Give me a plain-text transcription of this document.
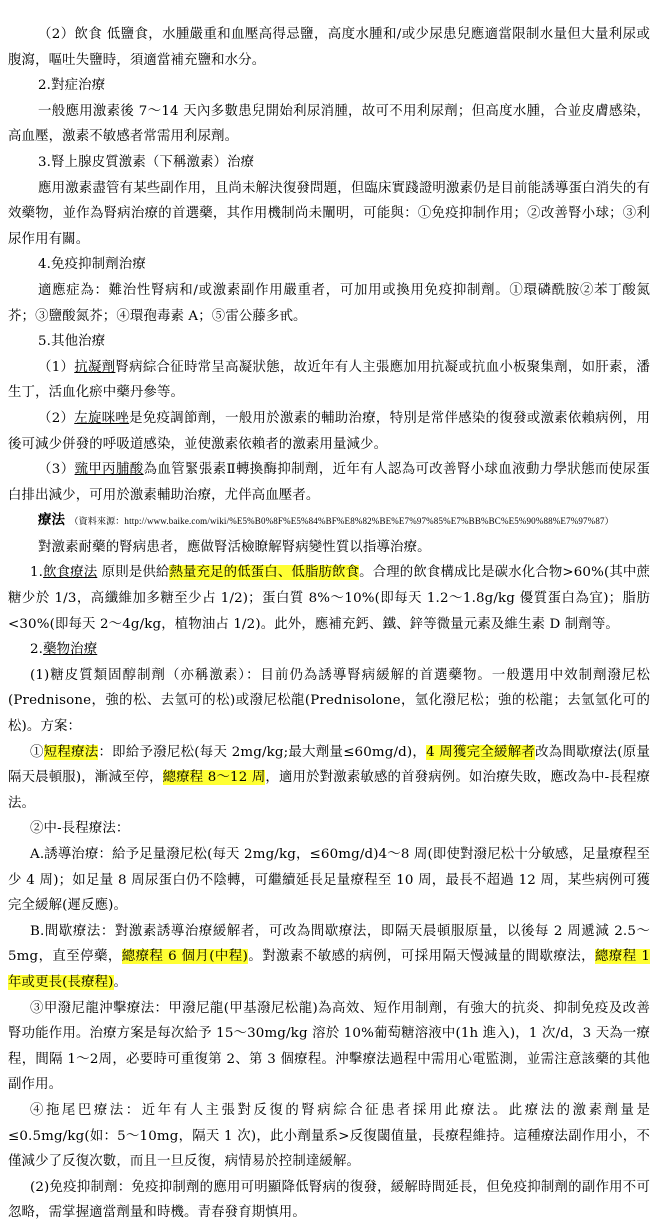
（2）飲食 低鹽食，水腫嚴重和血壓高得忌鹽，高度水腫和/或少尿患兒應適當限制水量但大量利尿或腹瀉，嘔吐失鹽時，須適當補充鹽和水分。

2.對症治療

一般應用激素後 7～14 天內多數患兒開始利尿消腫，故可不用利尿劑；但高度水腫，合並皮膚感染，高血壓，激素不敏感者常需用利尿劑。

3.腎上腺皮質激素（下稱激素）治療

應用激素盡管有某些副作用，且尚未解決復發問題，但臨床實踐證明激素仍是目前能誘導蛋白消失的有效藥物，並作為腎病治療的首選藥，其作用機制尚未闡明，可能與：①免疫抑制作用；②改善腎小球；③利尿作用有關。

4.免疫抑制劑治療

適應症為：難治性腎病和/或激素副作用嚴重者，可加用或換用免疫抑制劑。①環磷酰胺②苯丁酸氮芥；③鹽酸氮芥；④環孢毒素 A；⑤雷公藤多甙。

5.其他治療

（1）抗凝劑腎病綜合征時常呈高凝狀態，故近年有人主張應加用抗凝或抗血小板聚集劑，如肝素，潘生丁，活血化瘀中藥丹參等。

（2）左旋咪唑是免疫調節劑，一般用於激素的輔助治療，特別是常伴感染的復發或激素依賴病例，用後可減少併發的呼吸道感染，並使激素依賴者的激素用量減少。

（3）巰甲丙脯酸為血管緊張素Ⅱ轉換酶抑制劑，近年有人認為可改善腎小球血液動力學狀態而使尿蛋白排出減少，可用於激素輔助治療，尤伴高血壓者。

療法 （資料來源：http://www.baike.com/wiki/%E5%B0%8F%E5%84%BF%E8%82%BE%E7%97%85%E7%BB%BC%E5%90%88%E7%97%87）

對激素耐藥的腎病患者，應做腎活檢瞭解腎病變性質以指導治療。

1.飲食療法 原則是供給熱量充足的低蛋白、低脂肪飲食。合理的飲食構成比是碳水化合物>60%(其中蔗糖少於 1/3，高纖維加多糖至少占 1/2)；蛋白質 8%～10%(即每天 1.2～1.8g/kg 優質蛋白為宜)；脂肪<30%(即每天 2～4g/kg，植物油占 1/2)。此外，應補充鈣、鐵、鋅等微量元素及維生素 D 制劑等。

2.藥物治療

(1)糖皮質類固醇制劑（亦稱激素）：目前仍為誘導腎病緩解的首選藥物。一般選用中效制劑潑尼松(Prednisone，強的松、去氫可的松)或潑尼松龍(Prednisolone，氫化潑尼松；強的松龍；去氫氫化可的松)。方案：

①短程療法：即給予潑尼松(每天 2mg/kg;最大劑量≤60mg/d)，4 周獲完全緩解者改為間歇療法(原量隔天晨頓服)，漸減至停，總療程 8～12 周，適用於對激素敏感的首發病例。如治療失敗，應改為中-長程療法。

②中-長程療法：

A.誘導治療：給予足量潑尼松(每天 2mg/kg，≤60mg/d)4～8 周(即使對潑尼松十分敏感，足量療程至少 4 周)；如足量 8 周尿蛋白仍不陰轉，可繼續延長足量療程至 10 周，最長不超過 12 周，某些病例可獲完全緩解(遲反應)。

B.間歇療法：對激素誘導治療緩解者，可改為間歇療法，即隔天晨頓服原量，以後每 2 周遞減 2.5～5mg，直至停藥，總療程 6 個月(中程)。對激素不敏感的病例，可採用隔天慢減量的間歇療法，總療程 1 年或更長(長療程)。

③甲潑尼龍沖擊療法：甲潑尼龍(甲基潑尼松龍)為高效、短作用制劑，有強大的抗炎、抑制免疫及改善腎功能作用。治療方案是每次給予 15～30mg/kg 溶於 10%葡萄糖溶液中(1h 進入)，1 次/d，3 天為一療程，間隔 1～2周，必要時可重復第 2、第 3 個療程。沖擊療法過程中需用心電監測，並需注意該藥的其他副作用。

④拖尾巴療法：近年有人主張對反復的腎病綜合征患者採用此療法。此療法的激素劑量是≤0.5mg/kg(如：5～10mg，隔天 1 次)，此小劑量系>反復閾值量，長療程維持。這種療法副作用小，不僅減少了反復次數，而且一旦反復，病情易於控制達緩解。

(2)免疫抑制劑：免疫抑制劑的應用可明顯降低腎病的復發，緩解時間延長，但免疫抑制劑的副作用不可忽略，需掌握適當劑量和時機。青春發育期慎用。
